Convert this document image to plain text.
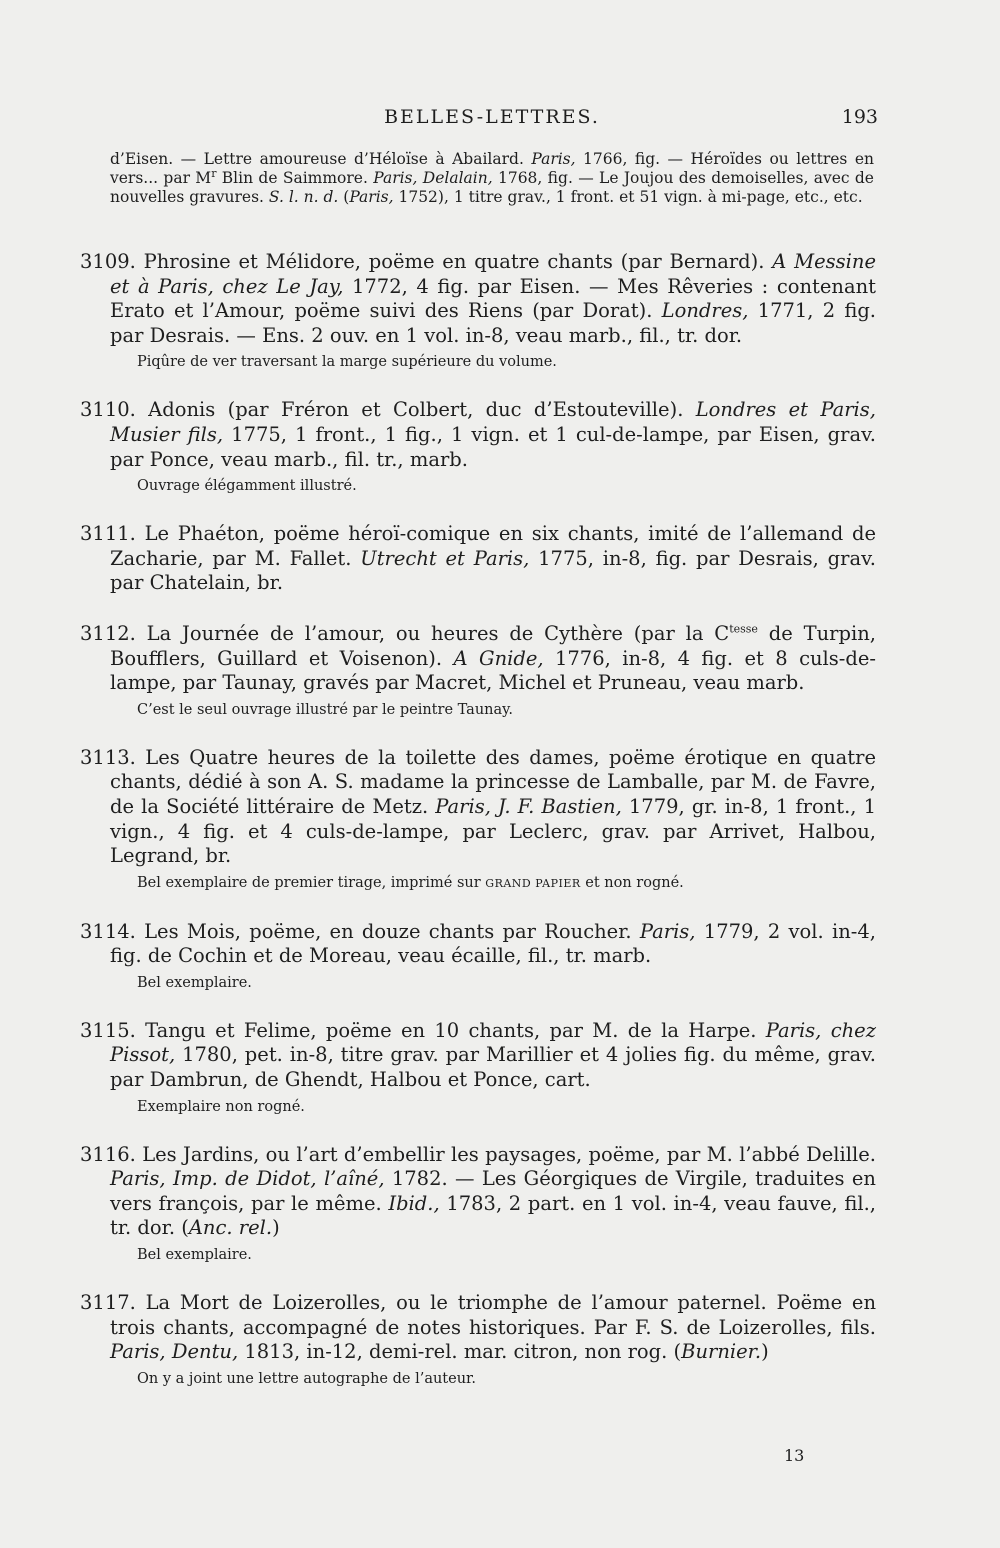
BELLES-LETTRES.	193
d’Eisen. — Lettre amoureuse d’Héloïse à Abailard. Paris, 1766, fig. — Héroïdes ou lettres en vers... par $M^r$ Blin de Saimmore. Paris, Delalain, 1768, fig. — Le Joujou des demoiselles, avec de nouvelles gravures. S. l. n. d. (Paris, 1752), 1 titre grav., 1 front. et 51 vign. à mi-page, etc., etc.
3109. Phrosine et Mélidore, poëme en quatre chants (par Bernard). A Messine et à Paris, chez Le Jay, 1772, 4 fig. par Eisen. — Mes Rêveries : contenant Erato et l’Amour, poëme suivi des Riens (par Dorat). Londres, 1771, 2 fig. par Desrais. — Ens. 2 ouv. en 1 vol. in-8, veau marb., fil., tr. dor.
Piqûre de ver traversant la marge supérieure du volume.
3110. Adonis (par Fréron et Colbert, duc d’Estouteville). Londres et Paris, Musier fils, 1775, 1 front., 1 fig., 1 vign. et 1 cul-de-lampe, par Eisen, grav. par Ponce, veau marb., fil. tr., marb.
Ouvrage élégamment illustré.
3111. Le Phaéton, poëme héroï-comique en six chants, imité de l’allemand de Zacharie, par M. Fallet. Utrecht et Paris, 1775, in-8, fig. par Desrais, grav. par Chatelain, br.
3112. La Journée de l’amour, ou heures de Cythère (par la $C^{tesse}$ de Turpin, Boufflers, Guillard et Voisenon). A Gnide, 1776, in-8, 4 fig. et 8 culs-de-lampe, par Taunay, gravés par Macret, Michel et Pruneau, veau marb.
C’est le seul ouvrage illustré par le peintre Taunay.
3113. Les Quatre heures de la toilette des dames, poëme érotique en quatre chants, dédié à son A. S. madame la princesse de Lamballe, par M. de Favre, de la Société littéraire de Metz. Paris, J. F. Bastien, 1779, gr. in-8, 1 front., 1 vign., 4 fig. et 4 culs-de-lampe, par Leclerc, grav. par Arrivet, Halbou, Legrand, br.
Bel exemplaire de premier tirage, imprimé sur GRAND PAPIER et non rogné.
3114. Les Mois, poëme, en douze chants par Roucher. Paris, 1779, 2 vol. in-4, fig. de Cochin et de Moreau, veau écaille, fil., tr. marb.
Bel exemplaire.
3115. Tangu et Felime, poëme en 10 chants, par M. de la Harpe. Paris, chez Pissot, 1780, pet. in-8, titre grav. par Marillier et 4 jolies fig. du même, grav. par Dambrun, de Ghendt, Halbou et Ponce, cart.
Exemplaire non rogné.
3116. Les Jardins, ou l’art d’embellir les paysages, poëme, par M. l’abbé Delille. Paris, Imp. de Didot, l’aîné, 1782. — Les Géorgiques de Virgile, traduites en vers françois, par le même. Ibid., 1783, 2 part. en 1 vol. in-4, veau fauve, fil., tr. dor. (Anc. rel.)
Bel exemplaire.
3117. La Mort de Loizerolles, ou le triomphe de l’amour paternel. Poëme en trois chants, accompagné de notes historiques. Par F. S. de Loizerolles, fils. Paris, Dentu, 1813, in-12, demi-rel. mar. citron, non rog. (Burnier.)
On y a joint une lettre autographe de l’auteur.
13
